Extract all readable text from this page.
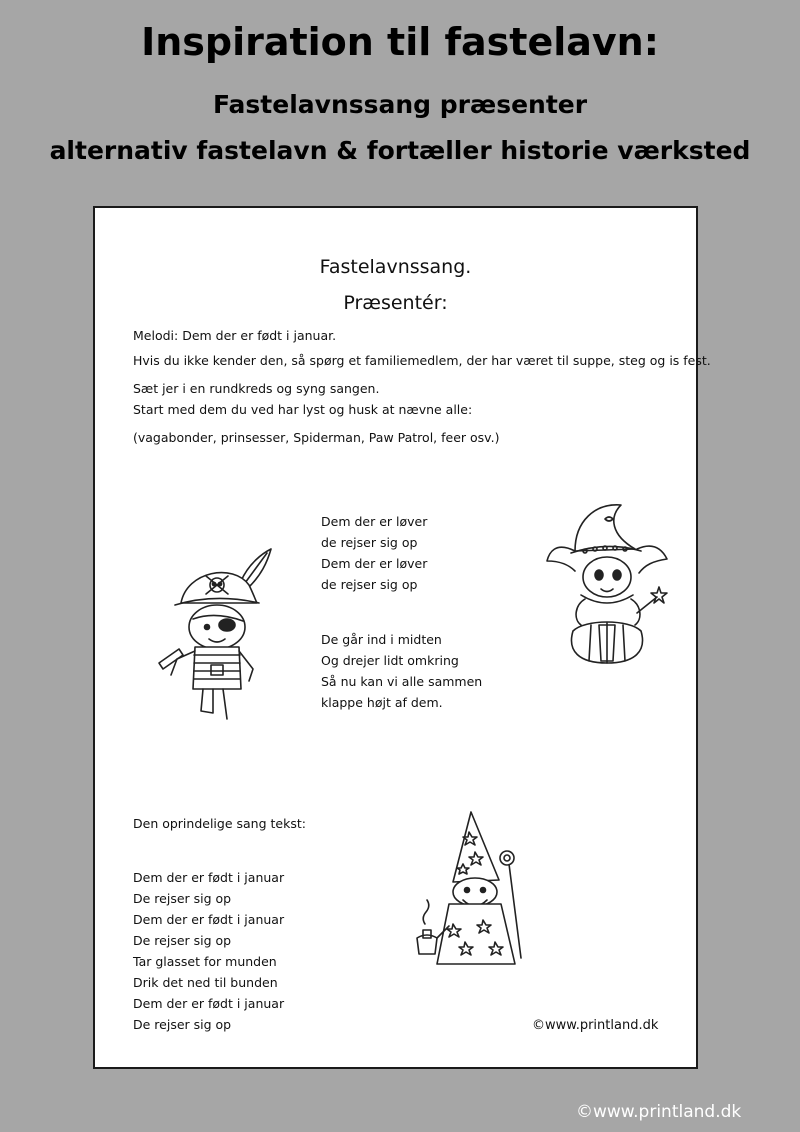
Inspiration til fastelavn:
Fastelavnssang præsenter
alternativ fastelavn & fortæller historie værksted
Fastelavnssang.
Præsentér:
Melodi: Dem der er født i januar.
Hvis du ikke kender den, så spørg et familiemedlem, der har været til suppe, steg og is fest.
Sæt jer i en rundkreds og syng sangen.
Start med dem du ved har lyst og husk at nævne alle:
(vagabonder, prinsesser, Spiderman, Paw Patrol, feer osv.)
Dem der er løver
de rejser sig op
Dem der er løver
de rejser sig op
De går ind i midten
Og drejer lidt omkring
Så nu kan vi alle sammen
klappe højt af dem.
Den oprindelige sang tekst:
Dem der er født i januar
De rejser sig op
Dem der er født i januar
De rejser sig op
Tar glasset for munden
Drik det ned til bunden
Dem der er født i januar
De rejser sig op	©www.printland.dk
©www.printland.dk
